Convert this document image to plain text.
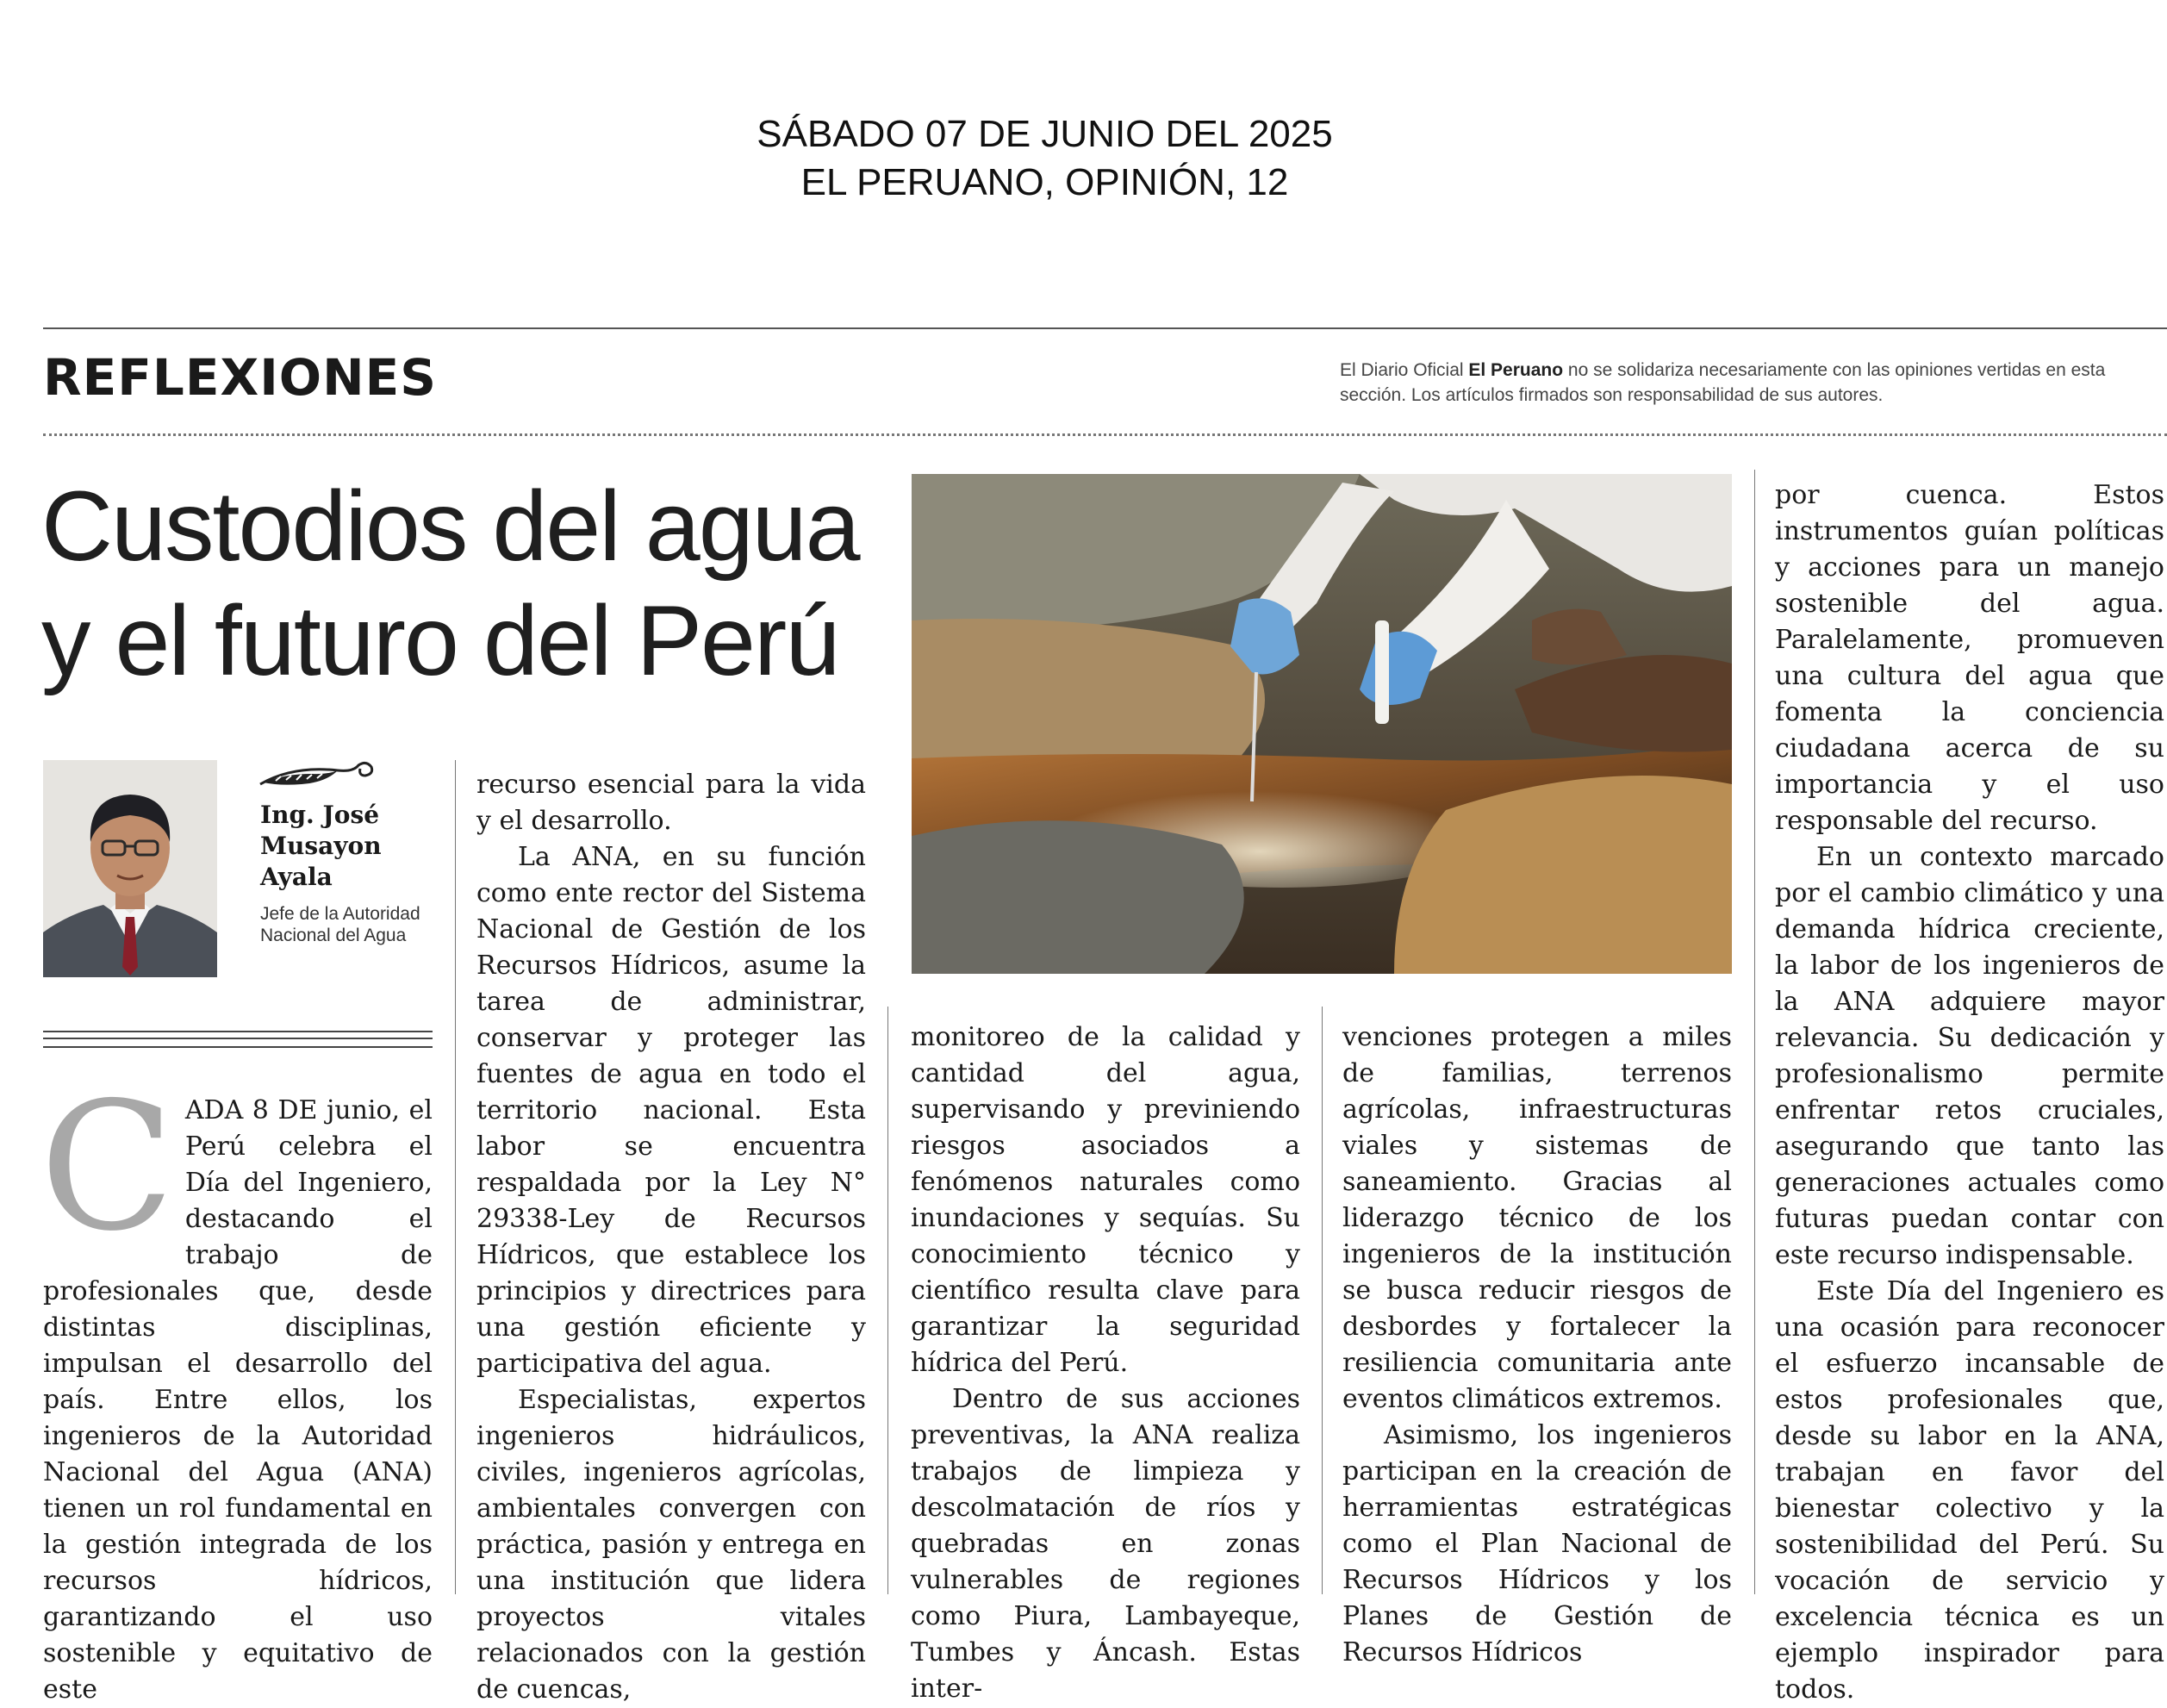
SÁBADO 07 DE JUNIO DEL 2025
EL PERUANO, OPINIÓN, 12
REFLEXIONES	El Diario Oficial El Peruano no se solidariza necesariamente con las opiniones vertidas en esta sección. Los artículos firmados son responsabilidad de sus autores.
Custodios del agua
y el futuro del Perú
Ing. José
Musayon
Ayala
Jefe de la Autoridad Nacional del Agua
C ADA 8 DE junio, el Perú celebra el Día del Ingeniero, destacando el trabajo de profesionales que, desde distintas disciplinas, impulsan el desarrollo del país. Entre ellos, los ingenieros de la Autoridad Nacional del Agua (ANA) tienen un rol fundamental en la gestión integrada de los recursos hídricos, garantizando el uso sostenible y equitativo de este

recurso esencial para la vida y el desarrollo.

La ANA, en su función como ente rector del Sistema Nacional de Gestión de los Recursos Hídricos, asume la tarea de administrar, conservar y proteger las fuentes de agua en todo el territorio nacional. Esta labor se encuentra respaldada por la Ley N° 29338-Ley de Recursos Hídricos, que establece los principios y directrices para una gestión eficiente y participativa del agua.

Especialistas, expertos ingenieros hidráulicos, civiles, ingenieros agrícolas, ambientales convergen con práctica, pasión y entrega en una institución que lidera proyectos vitales relacionados con la gestión de cuencas,

monitoreo de la calidad y cantidad del agua, supervisando y previniendo riesgos asociados a fenómenos naturales como inundaciones y sequías. Su conocimiento técnico y científico resulta clave para garantizar la seguridad hídrica del Perú.

Dentro de sus acciones preventivas, la ANA realiza trabajos de limpieza y descolmatación de ríos y quebradas en zonas vulnerables de regiones como Piura, Lambayeque, Tumbes y Áncash. Estas inter-

venciones protegen a miles de familias, terrenos agrícolas, infraestructuras viales y sistemas de saneamiento. Gracias al liderazgo técnico de los ingenieros de la institución se busca reducir riesgos de desbordes y fortalecer la resiliencia comunitaria ante eventos climáticos extremos.

Asimismo, los ingenieros participan en la creación de herramientas estratégicas como el Plan Nacional de Recursos Hídricos y los Planes de Gestión de Recursos Hídricos

por cuenca. Estos instrumentos guían políticas y acciones para un manejo sostenible del agua. Paralelamente, promueven una cultura del agua que fomenta la conciencia ciudadana acerca de su importancia y el uso responsable del recurso.

En un contexto marcado por el cambio climático y una demanda hídrica creciente, la labor de los ingenieros de la ANA adquiere mayor relevancia. Su dedicación y profesionalismo permite enfrentar retos cruciales, asegurando que tanto las generaciones actuales como futuras puedan contar con este recurso indispensable.

Este Día del Ingeniero es una ocasión para reconocer el esfuerzo incansable de estos profesionales que, desde su labor en la ANA, trabajan en favor del bienestar colectivo y la sostenibilidad del Perú. Su vocación de servicio y excelencia técnica es un ejemplo inspirador para todos.
